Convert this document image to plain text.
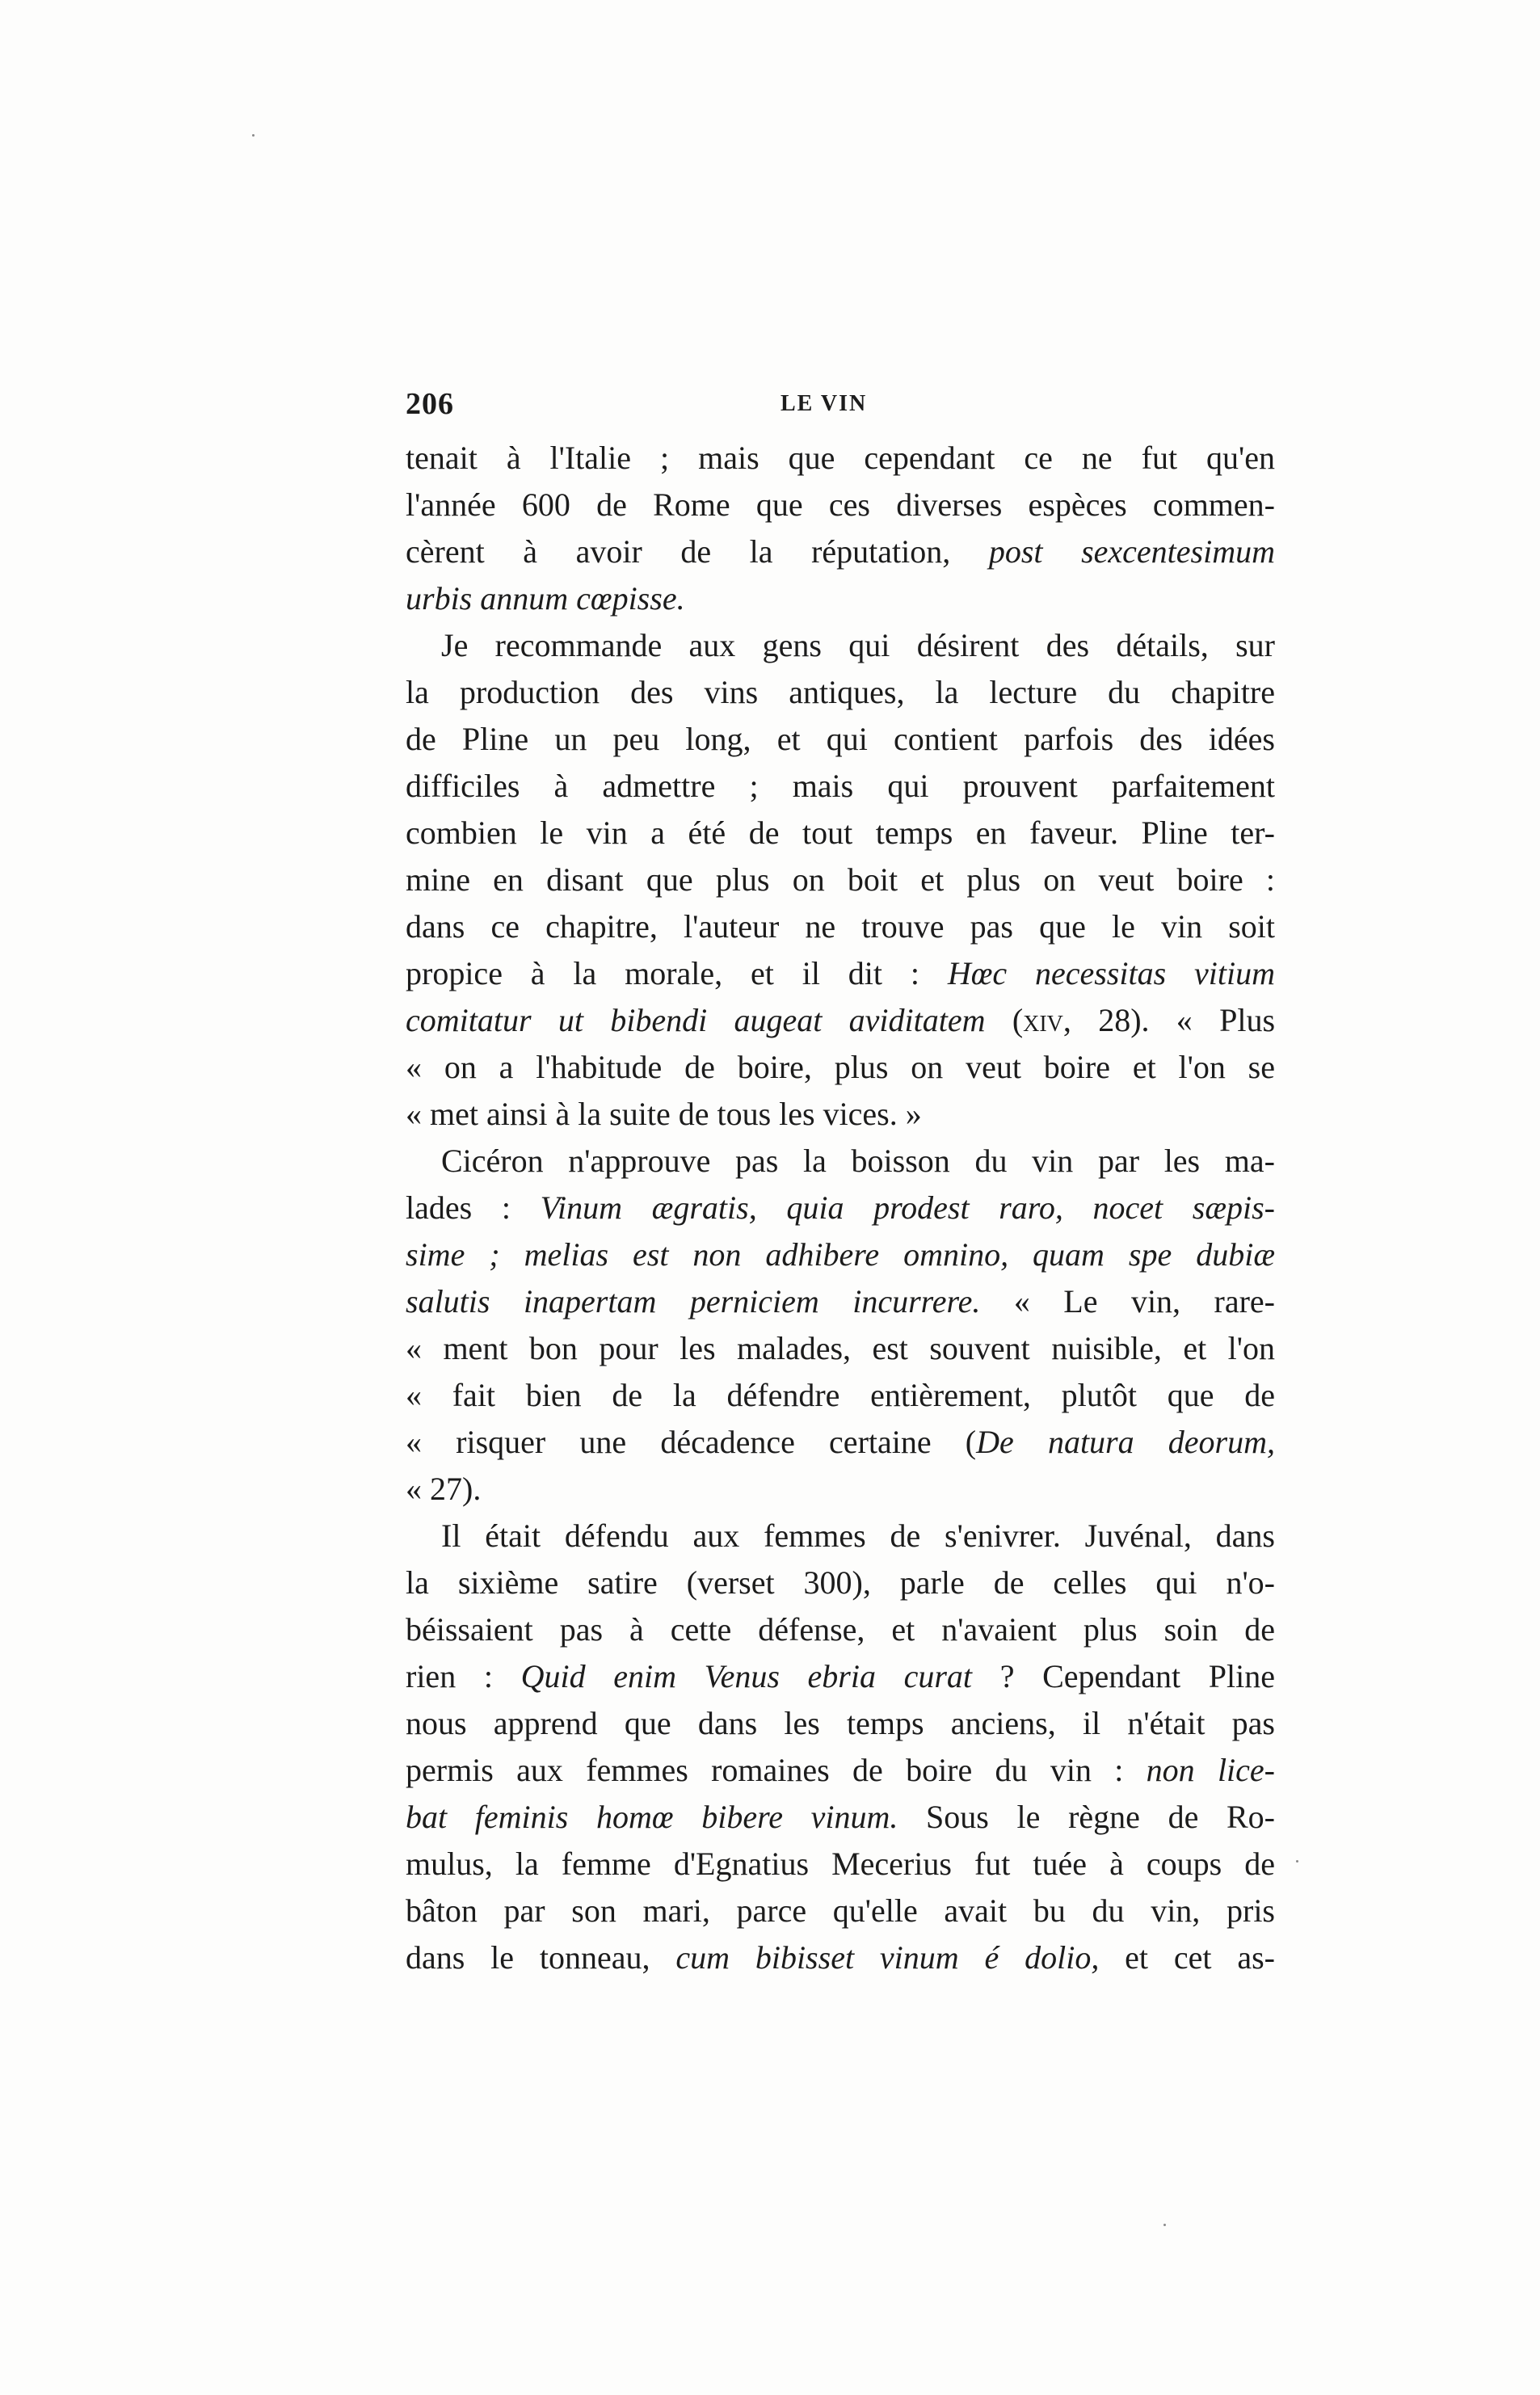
206	LE VIN
tenait à l'Italie ; mais que cependant ce ne fut qu'en
l'année 600 de Rome que ces diverses espèces commen-
cèrent à avoir de la réputation, post sexcentesimum
urbis annum cœpisse.
Je recommande aux gens qui désirent des détails, sur
la production des vins antiques, la lecture du chapitre
de Pline un peu long, et qui contient parfois des idées
difficiles à admettre ; mais qui prouvent parfaitement
combien le vin a été de tout temps en faveur. Pline ter-
mine en disant que plus on boit et plus on veut boire :
dans ce chapitre, l'auteur ne trouve pas que le vin soit
propice à la morale, et il dit : Hœc necessitas vitium
comitatur ut bibendi augeat aviditatem (xiv, 28). « Plus
« on a l'habitude de boire, plus on veut boire et l'on se
« met ainsi à la suite de tous les vices. »
Cicéron n'approuve pas la boisson du vin par les ma-
lades : Vinum ægratis, quia prodest raro, nocet sæpis-
sime ; melias est non adhibere omnino, quam spe dubiæ
salutis inapertam perniciem incurrere. « Le vin, rare-
« ment bon pour les malades, est souvent nuisible, et l'on
« fait bien de la défendre entièrement, plutôt que de
« risquer une décadence certaine (De natura deorum,
« 27).
Il était défendu aux femmes de s'enivrer. Juvénal, dans
la sixième satire (verset 300), parle de celles qui n'o-
béissaient pas à cette défense, et n'avaient plus soin de
rien : Quid enim Venus ebria curat ? Cependant Pline
nous apprend que dans les temps anciens, il n'était pas
permis aux femmes romaines de boire du vin : non lice-
bat feminis homœ bibere vinum. Sous le règne de Ro-
mulus, la femme d'Egnatius Mecerius fut tuée à coups de
bâton par son mari, parce qu'elle avait bu du vin, pris
dans le tonneau, cum bibisset vinum é dolio, et cet as-
